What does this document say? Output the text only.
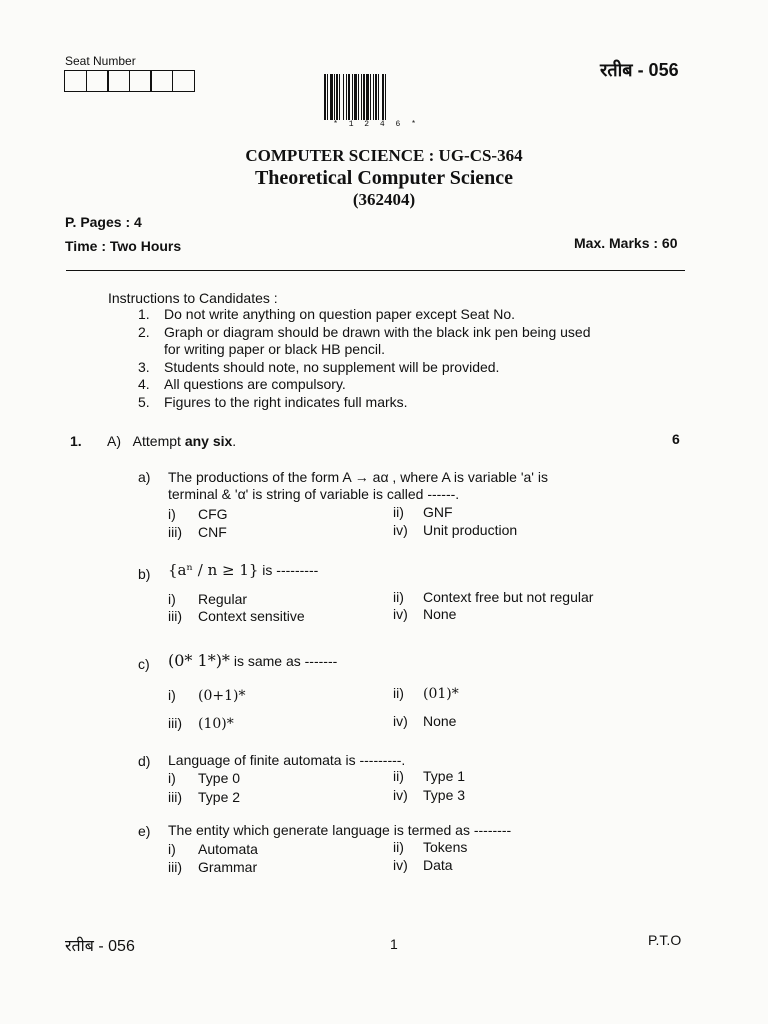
Seat Number	रतीब - 056
* 1 2 4 6 *
COMPUTER SCIENCE : UG-CS-364
Theoretical Computer Science
(362404)
P. Pages : 4
Time : Two Hours	Max. Marks : 60
Instructions to Candidates :
1.	Do not write anything on question paper except Seat No.
2.	Graph or diagram should be drawn with the black ink pen being used
for writing paper or black HB pencil.
3.	Students should note, no supplement will be provided.
4.	All questions are compulsory.
5.	Figures to the right indicates full marks.
1. A) Attempt any six.	6
a) The productions of the form A → aα , where A is variable 'a' is
terminal & 'α' is string of variable is called ------.
i) CFG	ii) GNF
iii) CNF	iv) Unit production
b) {aⁿ / n ≥ 1} is ---------
i) Regular	ii) Context free but not regular
iii) Context sensitive	iv) None
c) (0* 1*)* is same as -------
i) (0+1)*	ii) (01)*
iii) (10)*	iv) None
d) Language of finite automata is ---------.
i) Type 0	ii) Type 1
iii) Type 2	iv) Type 3
e) The entity which generate language is termed as --------
i) Automata	ii) Tokens
iii) Grammar	iv) Data
रतीब - 056	1	P.T.O
